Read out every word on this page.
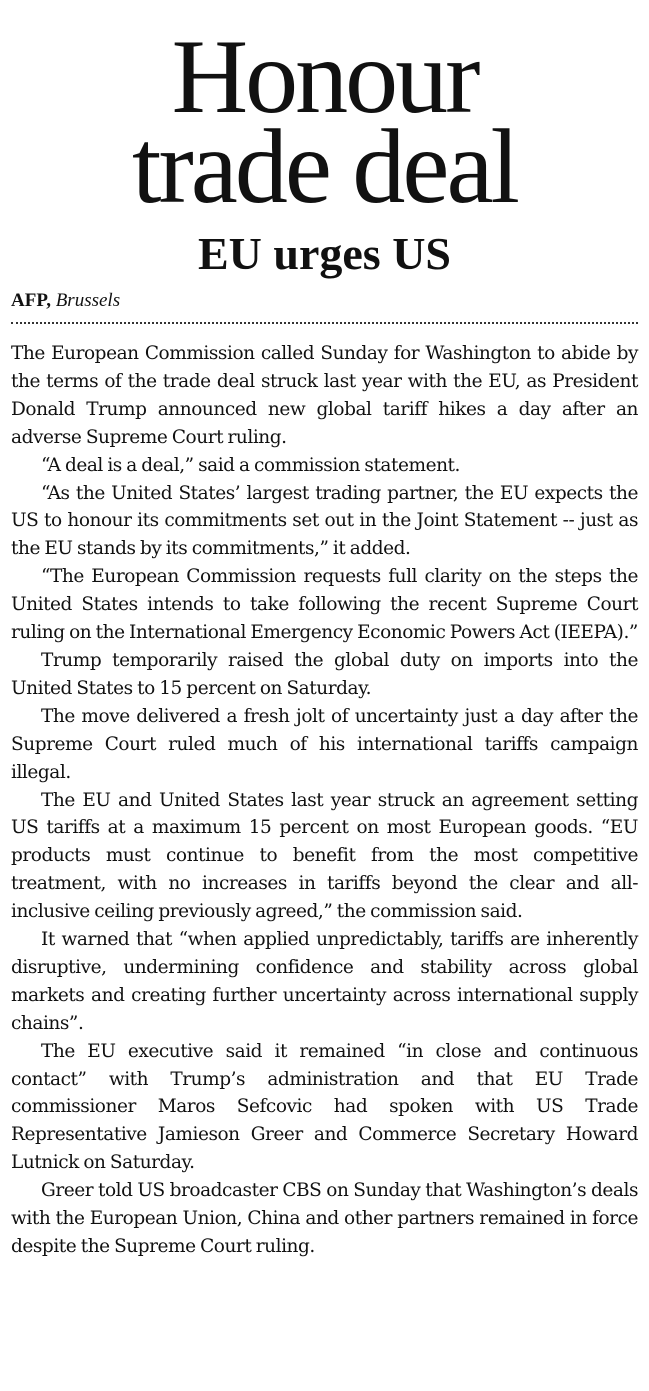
Honour
trade deal
EU urges US
AFP, Brussels

The European Commission called Sunday for Washington to abide by the terms of the trade deal struck last year with the EU, as President Donald Trump announced new global tariff hikes a day after an adverse Supreme Court ruling.

“A deal is a deal,” said a commission statement.

“As the United States’ largest trading partner, the EU expects the US to honour its commitments set out in the Joint Statement -- just as the EU stands by its commitments,” it added.

“The European Commission requests full clarity on the steps the United States intends to take following the recent Supreme Court ruling on the International Emergency Economic Powers Act (IEEPA).”

Trump temporarily raised the global duty on imports into the United States to 15 percent on Saturday.

The move delivered a fresh jolt of uncertainty just a day after the Supreme Court ruled much of his international tariffs campaign illegal.

The EU and United States last year struck an agreement setting US tariffs at a maximum 15 percent on most European goods. “EU products must continue to benefit from the most competitive treatment, with no increases in tariffs beyond the clear and all-inclusive ceiling previously agreed,” the commission said.

It warned that “when applied unpredictably, tariffs are inherently disruptive, undermining confidence and stability across global markets and creating further uncertainty across international supply chains”.

The EU executive said it remained “in close and continuous contact” with Trump’s administration and that EU Trade commissioner Maros Sefcovic had spoken with US Trade Representative Jamieson Greer and Commerce Secretary Howard Lutnick on Saturday.

Greer told US broadcaster CBS on Sunday that Washington’s deals with the European Union, China and other partners remained in force despite the Supreme Court ruling.
